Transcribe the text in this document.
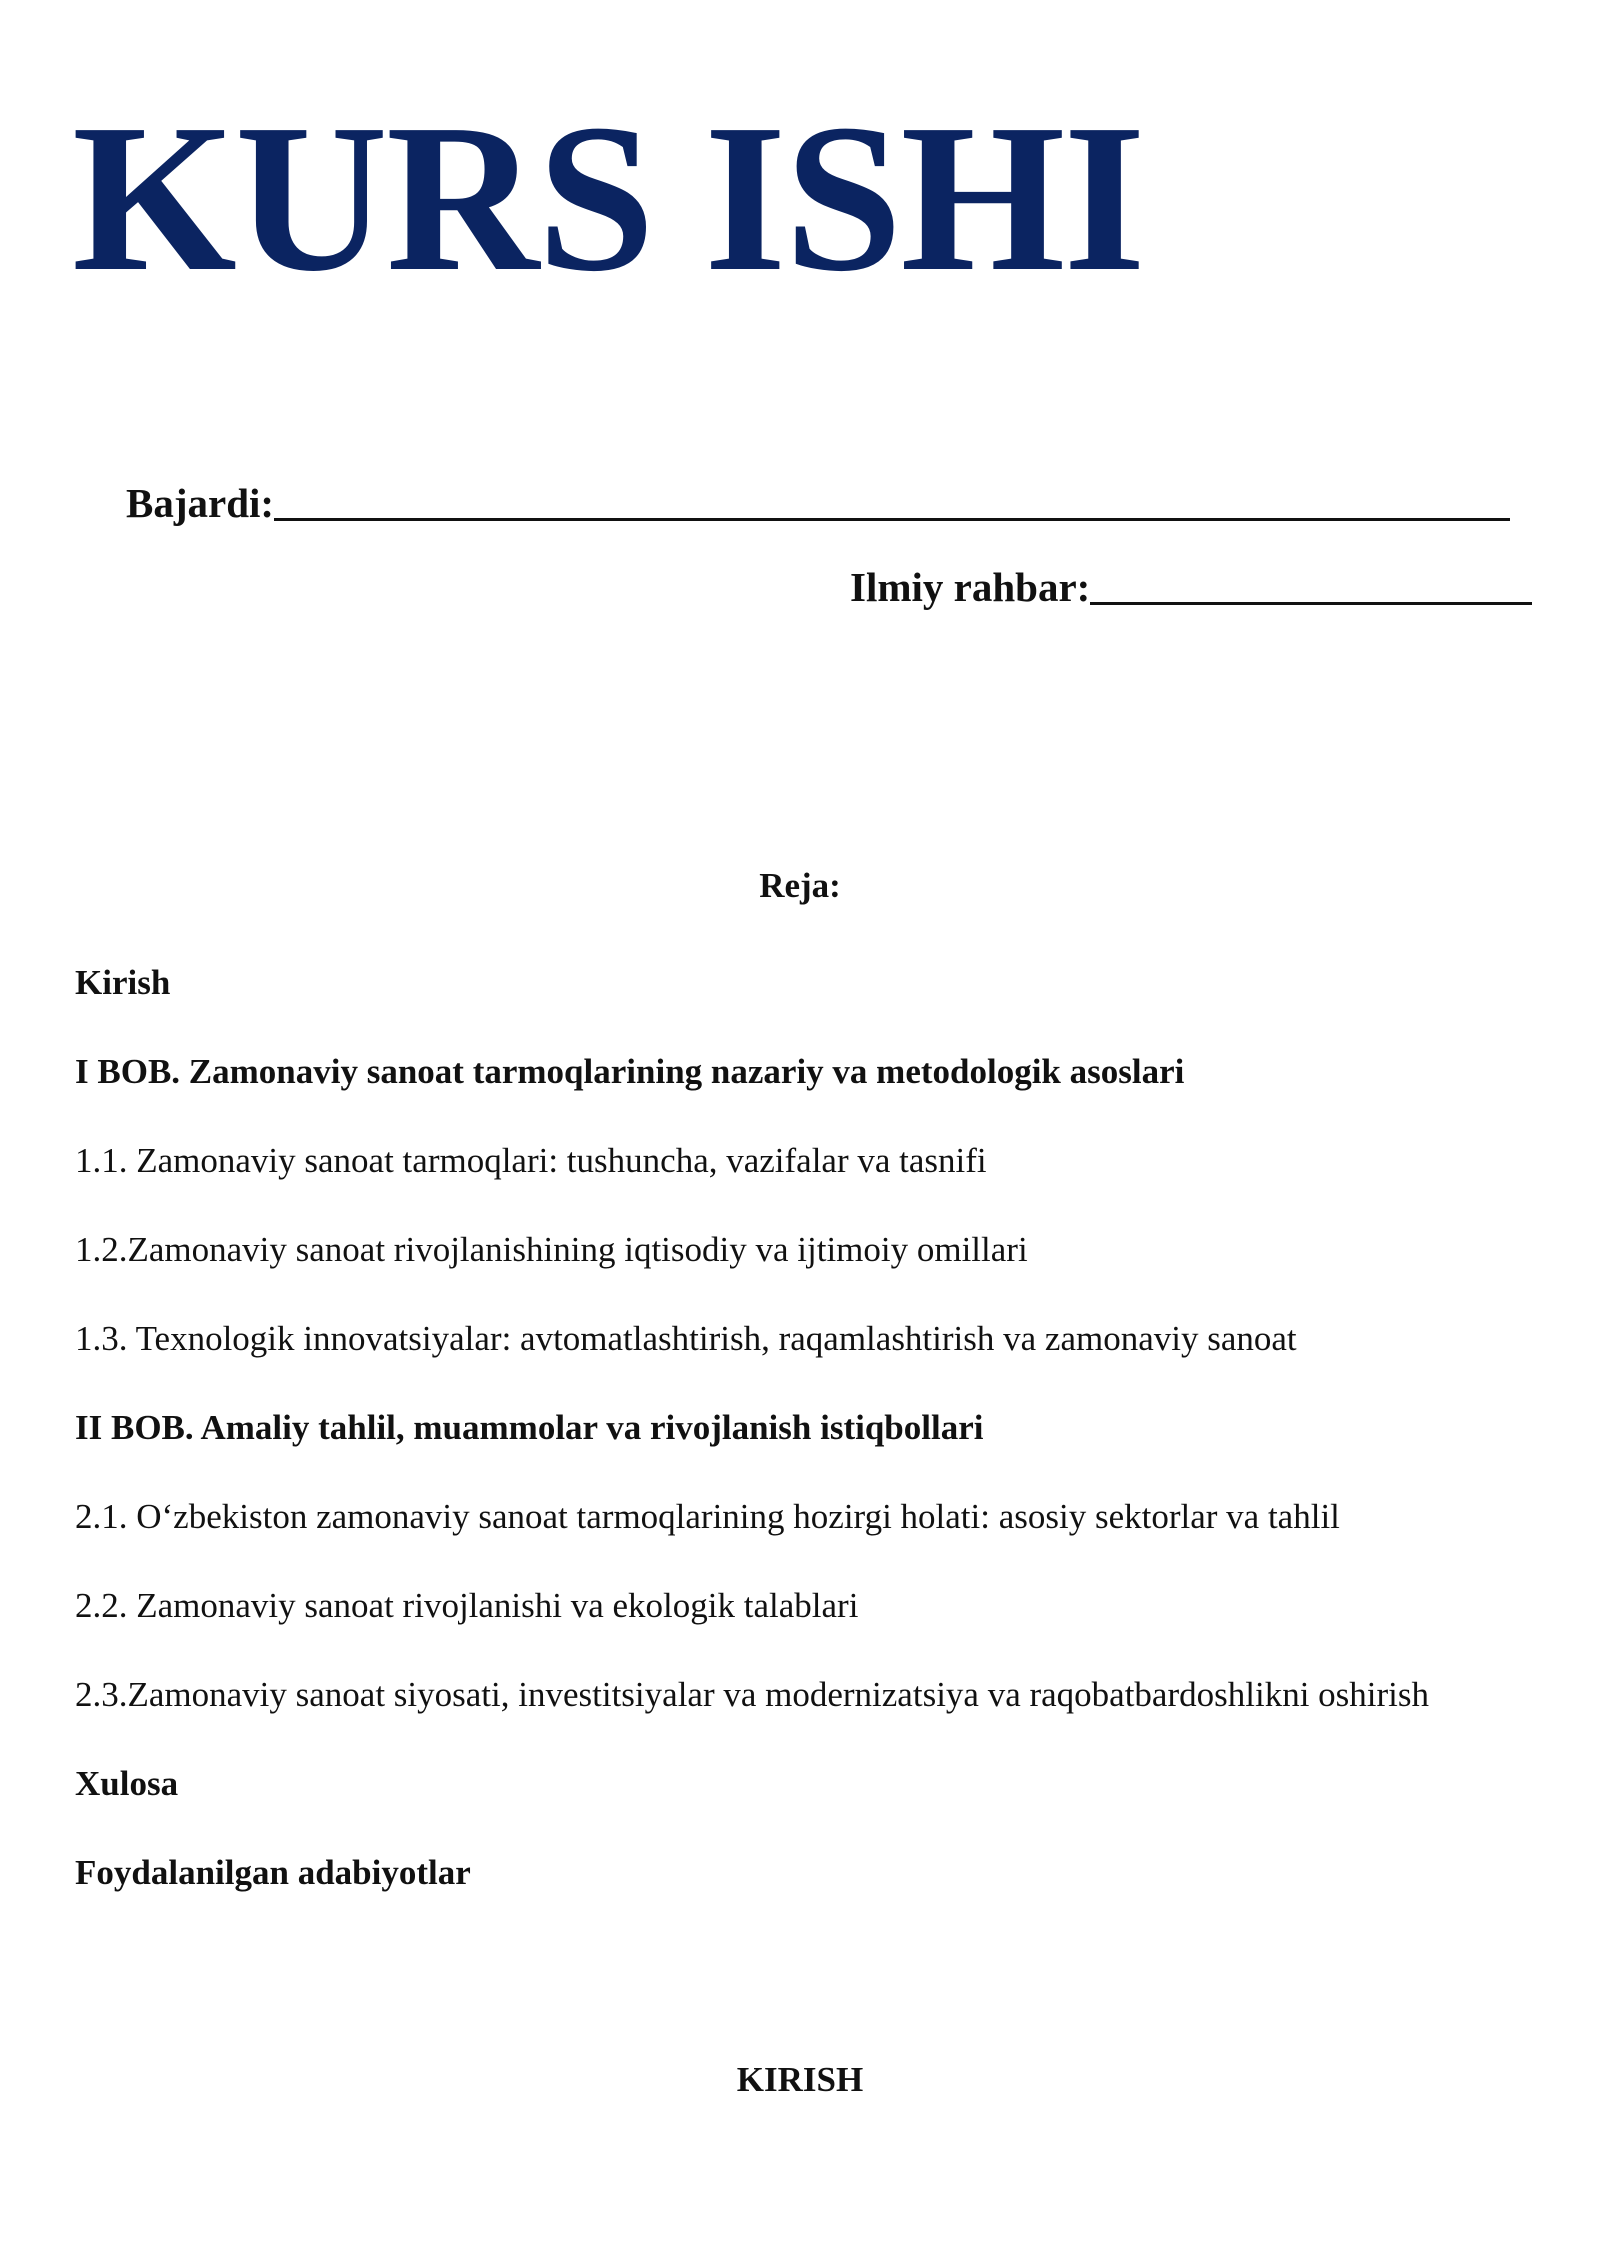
KURS ISHI
Bajardi:
Ilmiy rahbar:
Reja:
Kirish
I BOB. Zamonaviy sanoat tarmoqlarining nazariy va metodologik asoslari
1.1. Zamonaviy sanoat tarmoqlari: tushuncha, vazifalar va tasnifi
1.2.Zamonaviy sanoat rivojlanishining iqtisodiy va ijtimoiy omillari
1.3. Texnologik innovatsiyalar: avtomatlashtirish, raqamlashtirish va zamonaviy sanoat
II BOB. Amaliy tahlil, muammolar va rivojlanish istiqbollari
2.1. O‘zbekiston zamonaviy sanoat tarmoqlarining hozirgi holati: asosiy sektorlar va tahlil
2.2. Zamonaviy sanoat rivojlanishi va ekologik talablari
2.3.Zamonaviy sanoat siyosati, investitsiyalar va modernizatsiya va raqobatbardoshlikni oshirish
Xulosa
Foydalanilgan adabiyotlar
KIRISH
